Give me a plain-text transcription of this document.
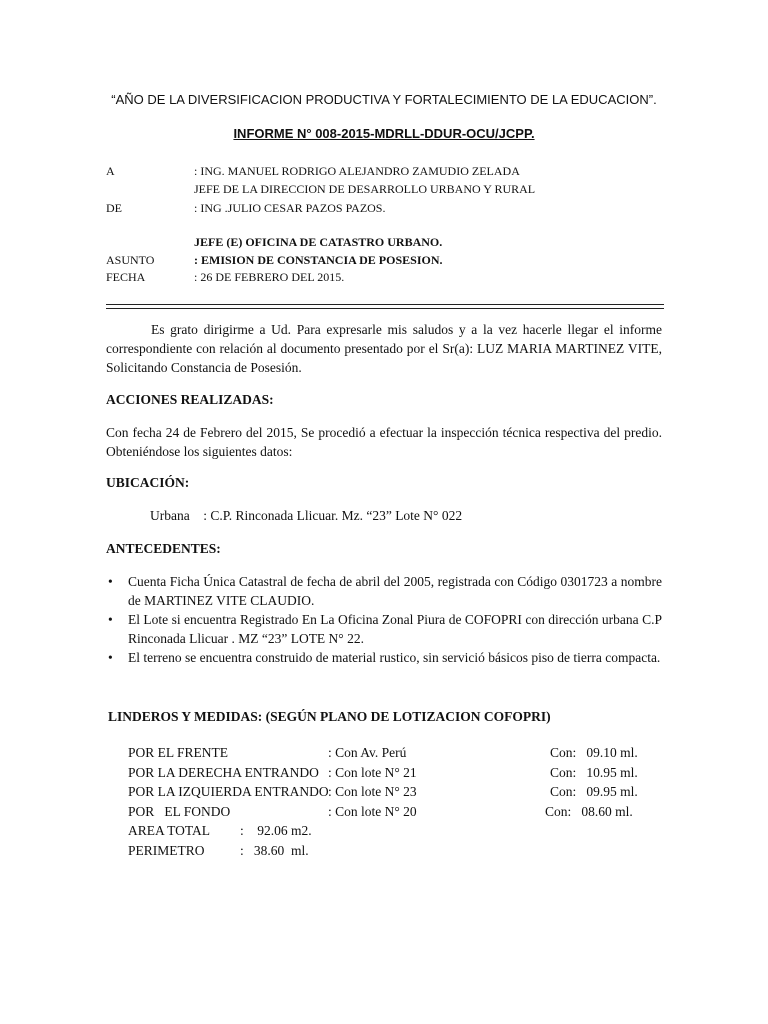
“AÑO DE LA DIVERSIFICACION PRODUCTIVA Y FORTALECIMIENTO DE LA EDUCACION”.
INFORME N° 008-2015-MDRLL-DDUR-OCU/JCPP.
A	: ING. MANUEL RODRIGO ALEJANDRO ZAMUDIO ZELADA
JEFE DE LA DIRECCION DE DESARROLLO URBANO Y RURAL
DE	: ING .JULIO CESAR PAZOS PAZOS.
JEFE (E) OFICINA DE CATASTRO URBANO.
ASUNTO	: EMISION DE CONSTANCIA DE POSESION.
FECHA	: 26 DE FEBRERO DEL 2015.
Es grato dirigirme a Ud. Para expresarle mis saludos y a la vez hacerle llegar el informe correspondiente con relación al documento presentado por el Sr(a): LUZ MARIA MARTINEZ VITE, Solicitando Constancia de Posesión.
ACCIONES REALIZADAS:
Con fecha 24 de Febrero del 2015, Se procedió a efectuar la inspección técnica respectiva del predio. Obteniéndose los siguientes datos:
UBICACIÓN:
Urbana    : C.P. Rinconada Llicuar. Mz. “23” Lote N° 022
ANTECEDENTES:
• Cuenta Ficha Única Catastral de fecha de abril del 2005, registrada con Código 0301723 a nombre de MARTINEZ VITE CLAUDIO.
• El Lote si encuentra Registrado En La Oficina Zonal Piura de COFOPRI con dirección urbana C.P Rinconada Llicuar . MZ “23” LOTE N° 22.
• El terreno se encuentra construido de material rustico, sin servició básicos piso de tierra compacta.
LINDEROS Y MEDIDAS: (SEGÚN PLANO DE LOTIZACION COFOPRI)
POR EL FRENTE	: Con Av. Perú	Con:   09.10 ml.
POR LA DERECHA ENTRANDO : Con lote N° 21	Con:   10.95 ml.
POR LA IZQUIERDA ENTRANDO : Con lote N° 23	Con:   09.95 ml.
POR   EL FONDO	: Con lote N° 20	Con:   08.60 ml.
AREA TOTAL :    92.06 m2.
PERIMETRO	:   38.60  ml.
